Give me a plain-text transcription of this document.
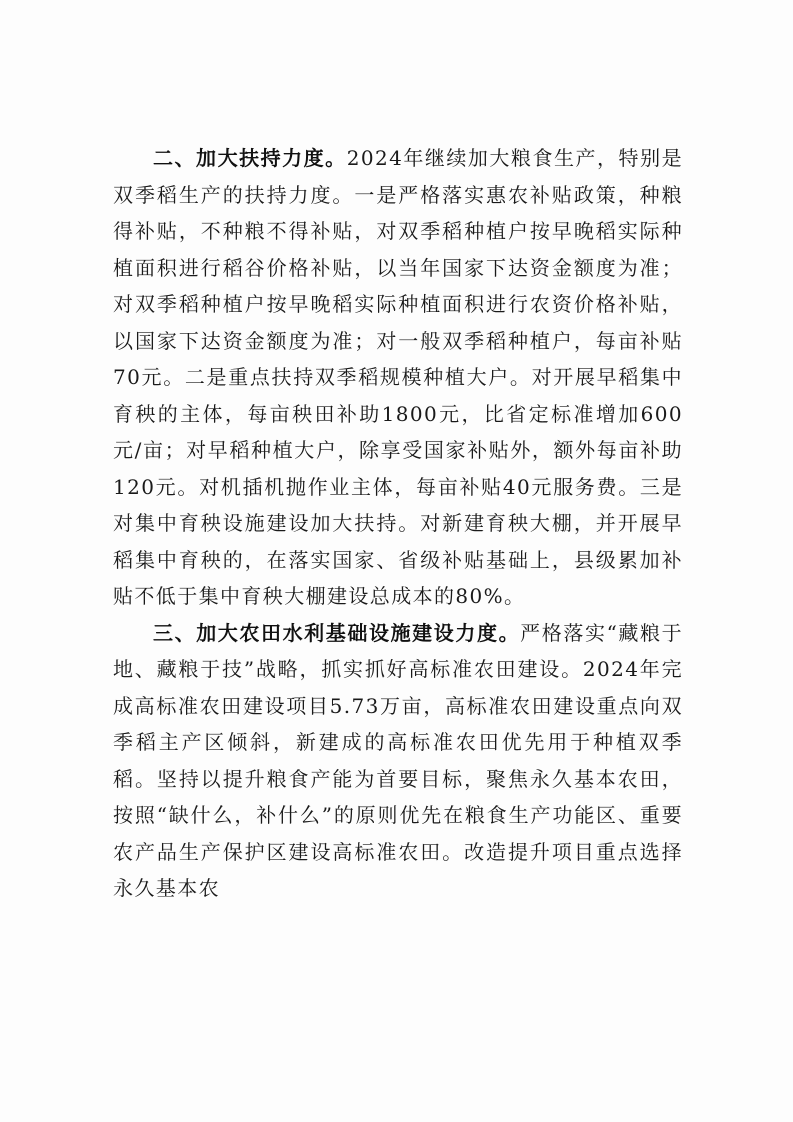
二、加大扶持力度。2024年继续加大粮食生产，特别是双季稻生产的扶持力度。一是严格落实惠农补贴政策，种粮得补贴，不种粮不得补贴，对双季稻种植户按早晚稻实际种植面积进行稻谷价格补贴，以当年国家下达资金额度为准；对双季稻种植户按早晚稻实际种植面积进行农资价格补贴，以国家下达资金额度为准；对一般双季稻种植户，每亩补贴70元。二是重点扶持双季稻规模种植大户。对开展早稻集中育秧的主体，每亩秧田补助1800元，比省定标准增加600元/亩；对早稻种植大户，除享受国家补贴外，额外每亩补助120元。对机插机抛作业主体，每亩补贴40元服务费。三是对集中育秧设施建设加大扶持。对新建育秧大棚，并开展早稻集中育秧的，在落实国家、省级补贴基础上，县级累加补贴不低于集中育秧大棚建设总成本的80%。

三、加大农田水利基础设施建设力度。严格落实“藏粮于地、藏粮于技”战略，抓实抓好高标准农田建设。2024年完成高标准农田建设项目5.73万亩，高标准农田建设重点向双季稻主产区倾斜，新建成的高标准农田优先用于种植双季稻。坚持以提升粮食产能为首要目标，聚焦永久基本农田，按照“缺什么，补什么”的原则优先在粮食生产功能区、重要农产品生产保护区建设高标准农田。改造提升项目重点选择永久基本农
